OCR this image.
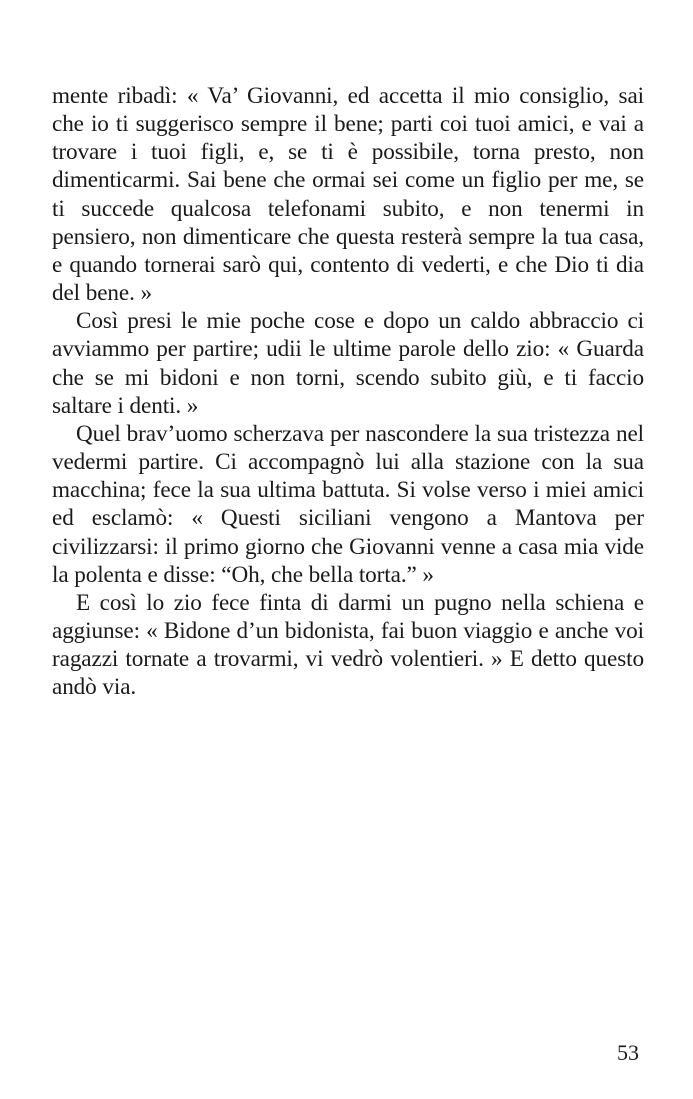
mente ribadì: « Va’ Giovanni, ed accetta il mio consiglio, sai che io ti suggerisco sempre il bene; parti coi tuoi amici, e vai a trovare i tuoi figli, e, se ti è possibile, torna presto, non dimenticarmi. Sai bene che ormai sei come un figlio per me, se ti succede qualcosa telefonami subito, e non tenermi in pensiero, non dimenticare che questa resterà sempre la tua casa, e quando tornerai sarò qui, contento di vederti, e che Dio ti dia del bene. »

Così presi le mie poche cose e dopo un caldo abbraccio ci avviammo per partire; udii le ultime parole dello zio: « Guarda che se mi bidoni e non torni, scendo subito giù, e ti faccio saltare i denti. »

Quel brav’uomo scherzava per nascondere la sua tristezza nel vedermi partire. Ci accompagnò lui alla stazione con la sua macchina; fece la sua ultima battuta. Si volse verso i miei amici ed esclamò: « Questi siciliani vengono a Mantova per civilizzarsi: il primo giorno che Giovanni venne a casa mia vide la polenta e disse: “Oh, che bella torta.” »

E così lo zio fece finta di darmi un pugno nella schiena e aggiunse: « Bidone d’un bidonista, fai buon viaggio e anche voi ragazzi tornate a trovarmi, vi vedrò volentieri. » E detto questo andò via.

53
